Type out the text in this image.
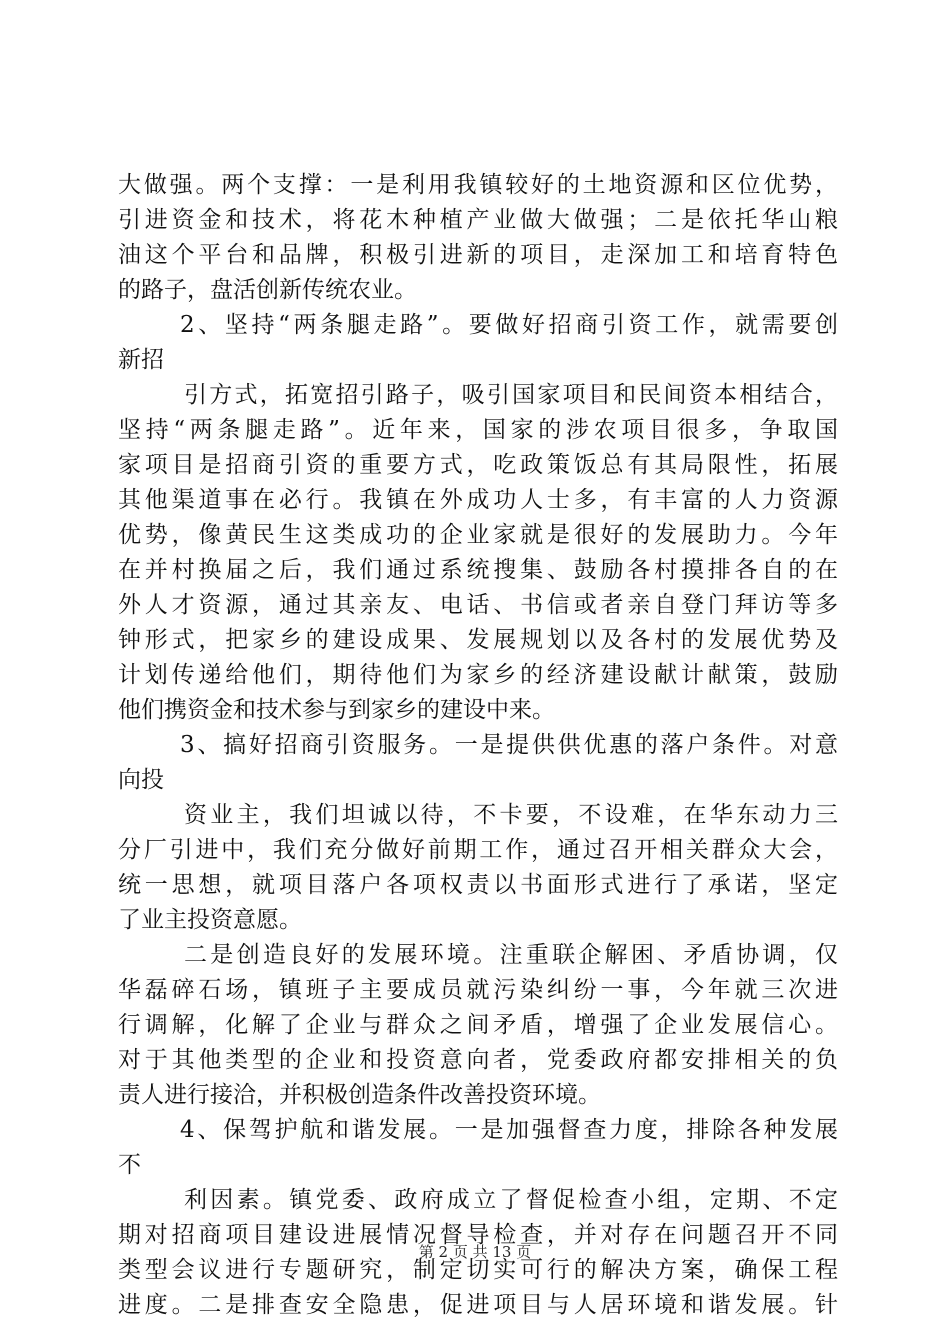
大做强。两个支撑：一是利用我镇较好的土地资源和区位优势，
引进资金和技术，将花木种植产业做大做强；二是依托华山粮
油这个平台和品牌，积极引进新的项目，走深加工和培育特色
的路子，盘活创新传统农业。
2、坚持“两条腿走路”。要做好招商引资工作，就需要创
新招
引方式，拓宽招引路子，吸引国家项目和民间资本相结合，
坚持“两条腿走路”。近年来，国家的涉农项目很多，争取国
家项目是招商引资的重要方式，吃政策饭总有其局限性，拓展
其他渠道事在必行。我镇在外成功人士多，有丰富的人力资源
优势，像黄民生这类成功的企业家就是很好的发展助力。今年
在并村换届之后，我们通过系统搜集、鼓励各村摸排各自的在
外人才资源，通过其亲友、电话、书信或者亲自登门拜访等多
钟形式，把家乡的建设成果、发展规划以及各村的发展优势及
计划传递给他们，期待他们为家乡的经济建设献计献策，鼓励
他们携资金和技术参与到家乡的建设中来。
3、搞好招商引资服务。一是提供供优惠的落户条件。对意
向投
资业主，我们坦诚以待，不卡要，不设难，在华东动力三
分厂引进中，我们充分做好前期工作，通过召开相关群众大会，
统一思想，就项目落户各项权责以书面形式进行了承诺，坚定
了业主投资意愿。
二是创造良好的发展环境。注重联企解困、矛盾协调，仅
华磊碎石场，镇班子主要成员就污染纠纷一事，今年就三次进
行调解，化解了企业与群众之间矛盾，增强了企业发展信心。
对于其他类型的企业和投资意向者，党委政府都安排相关的负
责人进行接洽，并积极创造条件改善投资环境。
4、保驾护航和谐发展。一是加强督查力度，排除各种发展
不
利因素。镇党委、政府成立了督促检查小组，定期、不定
期对招商项目建设进展情况督导检查，并对存在问题召开不同
类型会议进行专题研究，制定切实可行的解决方案，确保工程
进度。二是排查安全隐患，促进项目与人居环境和谐发展。针
第 2 页 共 13 页
